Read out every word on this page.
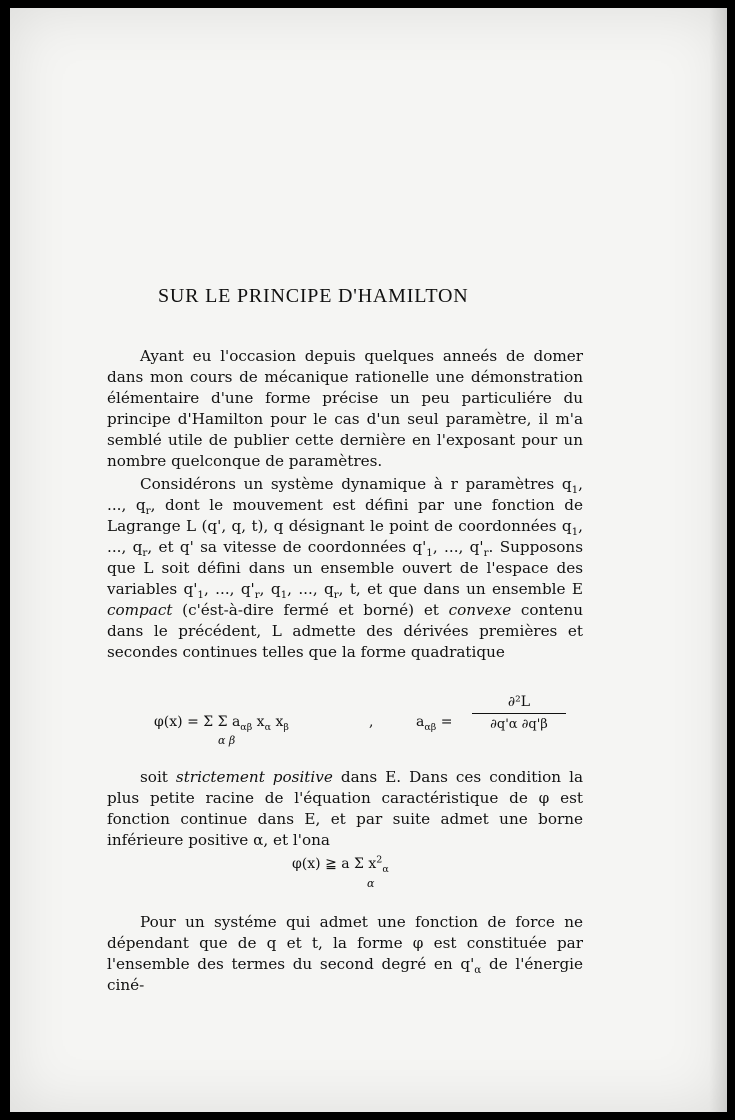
SUR LE PRINCIPE D'HAMILTON

Ayant eu l'occasion depuis quelques anneés de domer dans mon cours de mécanique rationelle une démonstration élémentaire d'une forme précise un peu particuliére du principe d'Hamilton pour le cas d'un seul paramètre, il m'a semblé utile de publier cette dernière en l'exposant pour un nombre quelconque de paramètres.

Considérons un système dynamique à r paramètres $q_1$, ..., $q_r$, dont le mouvement est défini par une fonction de Lagrange L (q', q, t), q désignant le point de coordonnées $q_1$, ..., $q_r$, et q' sa vitesse de coordonnées $q'_1$, ..., $q'_r$. Supposons que L soit défini dans un ensemble ouvert de l'espace des variables $q'_1$, ..., $q'_r$, $q_1$, ..., $q_r$, t, et que dans un ensemble E compact (c'ést-à-dire fermé et borné) et convexe contenu dans le précédent, L admette des dérivées premières et secondes continues telles que la forme quadratique

φ(x) = Σ Σ $a_{\alpha\beta}$ $x_\alpha$ $x_\beta$
α β
,	$a_{\alpha\beta}$ =
∂²L
∂q'α ∂q'β

soit strictement positive dans E. Dans ces condition la plus petite racine de l'équation caractéristique de φ est fonction continue dans E, et par suite admet une borne inférieure positive α, et l'ona

φ(x) ≧ a Σ $x^2_\alpha$
α

Pour un systéme qui admet une fonction de force ne dépendant que de q et t, la forme φ est constituée par l'ensemble des termes du second degré en $q'_\alpha$ de l'énergie ciné-
